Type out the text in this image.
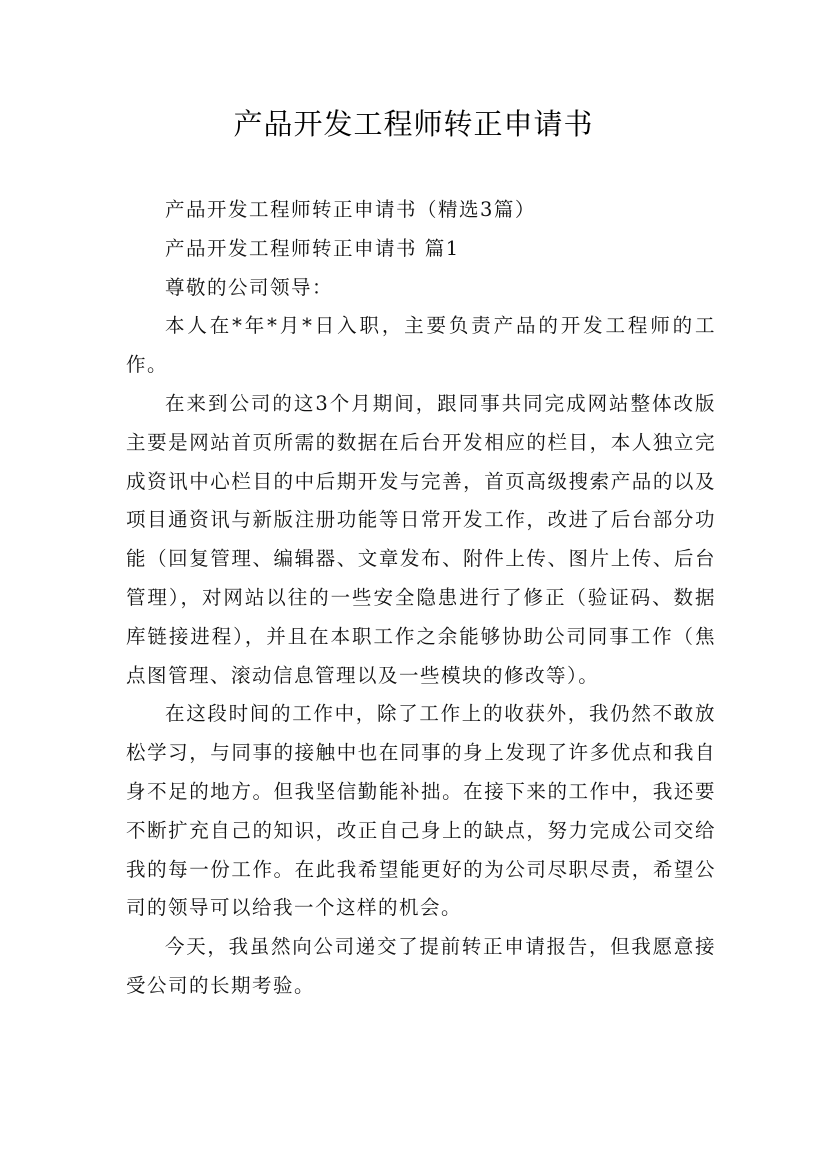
产品开发工程师转正申请书

产品开发工程师转正申请书（精选3篇）

产品开发工程师转正申请书 篇1

尊敬的公司领导：

本人在*年*月*日入职，主要负责产品的开发工程师的工作。

在来到公司的这3个月期间，跟同事共同完成网站整体改版主要是网站首页所需的数据在后台开发相应的栏目，本人独立完成资讯中心栏目的中后期开发与完善，首页高级搜索产品的以及项目通资讯与新版注册功能等日常开发工作，改进了后台部分功能（回复管理、编辑器、文章发布、附件上传、图片上传、后台管理），对网站以往的一些安全隐患进行了修正（验证码、数据库链接进程），并且在本职工作之余能够协助公司同事工作（焦点图管理、滚动信息管理以及一些模块的修改等）。

在这段时间的工作中，除了工作上的收获外，我仍然不敢放松学习，与同事的接触中也在同事的身上发现了许多优点和我自身不足的地方。但我坚信勤能补拙。在接下来的工作中，我还要不断扩充自己的知识，改正自己身上的缺点，努力完成公司交给我的每一份工作。在此我希望能更好的为公司尽职尽责，希望公司的领导可以给我一个这样的机会。

今天，我虽然向公司递交了提前转正申请报告，但我愿意接受公司的长期考验。
